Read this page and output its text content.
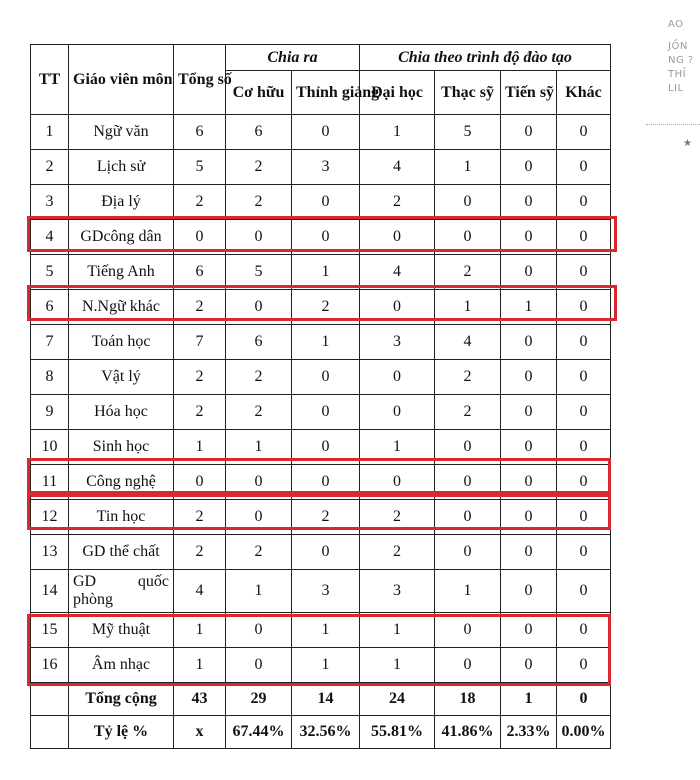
TT	Giáo viên môn	Tổng số	Chia ra		Chia theo trình độ đào tạo			
			Cơ hữu	Thỉnh giảng	Đại học	Thạc sỹ	Tiến sỹ	Khác
1	Ngữ văn	6	6	0	1	5	0	0
2	Lịch sử	5	2	3	4	1	0	0
3	Địa lý	2	2	0	2	0	0	0
4	GDcông dân	0	0	0	0	0	0	0
5	Tiếng Anh	6	5	1	4	2	0	0
6	N.Ngữ khác	2	0	2	0	1	1	0
7	Toán học	7	6	1	3	4	0	0
8	Vật lý	2	2	0	0	2	0	0
9	Hóa học	2	2	0	0	2	0	0
10	Sinh học	1	1	0	1	0	0	0
11	Công nghệ	0	0	0	0	0	0	0
12	Tin học	2	0	2	2	0	0	0
13	GD thể chất	2	2	0	2	0	0	0
14	GD quốc phòng	4	1	3	3	1	0	0
15	Mỹ thuật	1	0	1	1	0	0	0
16	Âm nhạc	1	0	1	1	0	0	0
	Tổng cộng	43	29	14	24	18	1	0
	Tỷ lệ %	x	67.44%	32.56%	55.81%	41.86%	2.33%	0.00%
AO
JỒN
NG ?
THỈ
LIL
★
